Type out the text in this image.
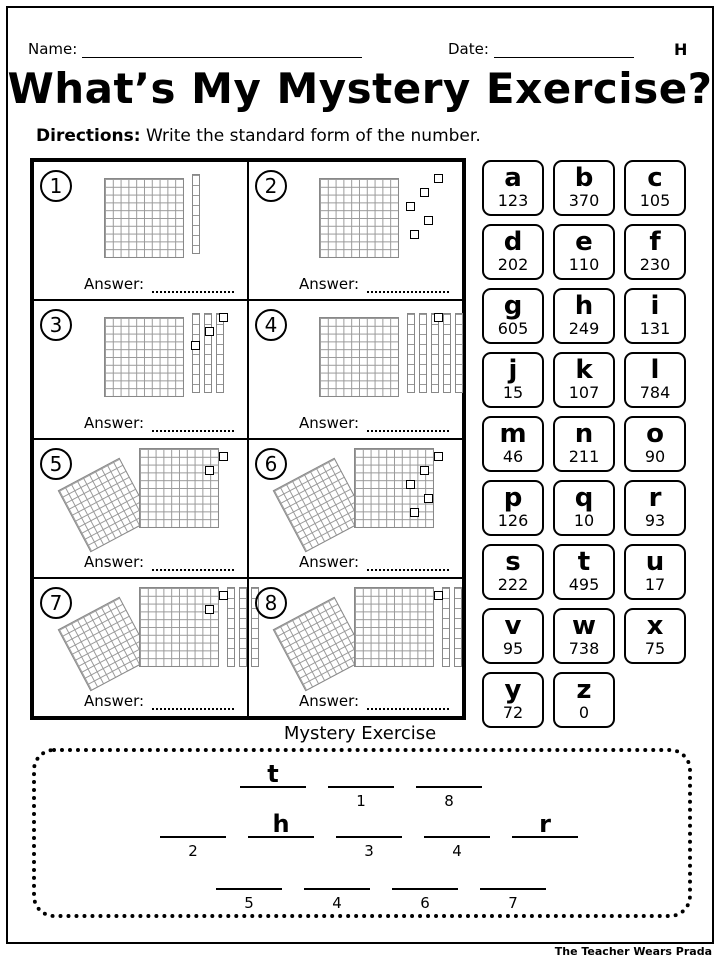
Name:	Date:	H
What’s My Mystery Exercise?
Directions: Write the standard form of the number.
1
Answer:
2
Answer:
3
Answer:
4
Answer:
5
Answer:
6
Answer:
7
Answer:
8
Answer:
a
123
b
370
c
105
d
202
e
110
f
230
g
605
h
249
i
131
j
15
k
107
l
784
m
46
n
211
o
90
p
126
q
10
r
93
s
222
t
495
u
17
v
95
w
738
x
75
y
72
z
0
Mystery Exercise
t
1	8
2
h
3	4
r
5	4	6	7
The Teacher Wears Prada
